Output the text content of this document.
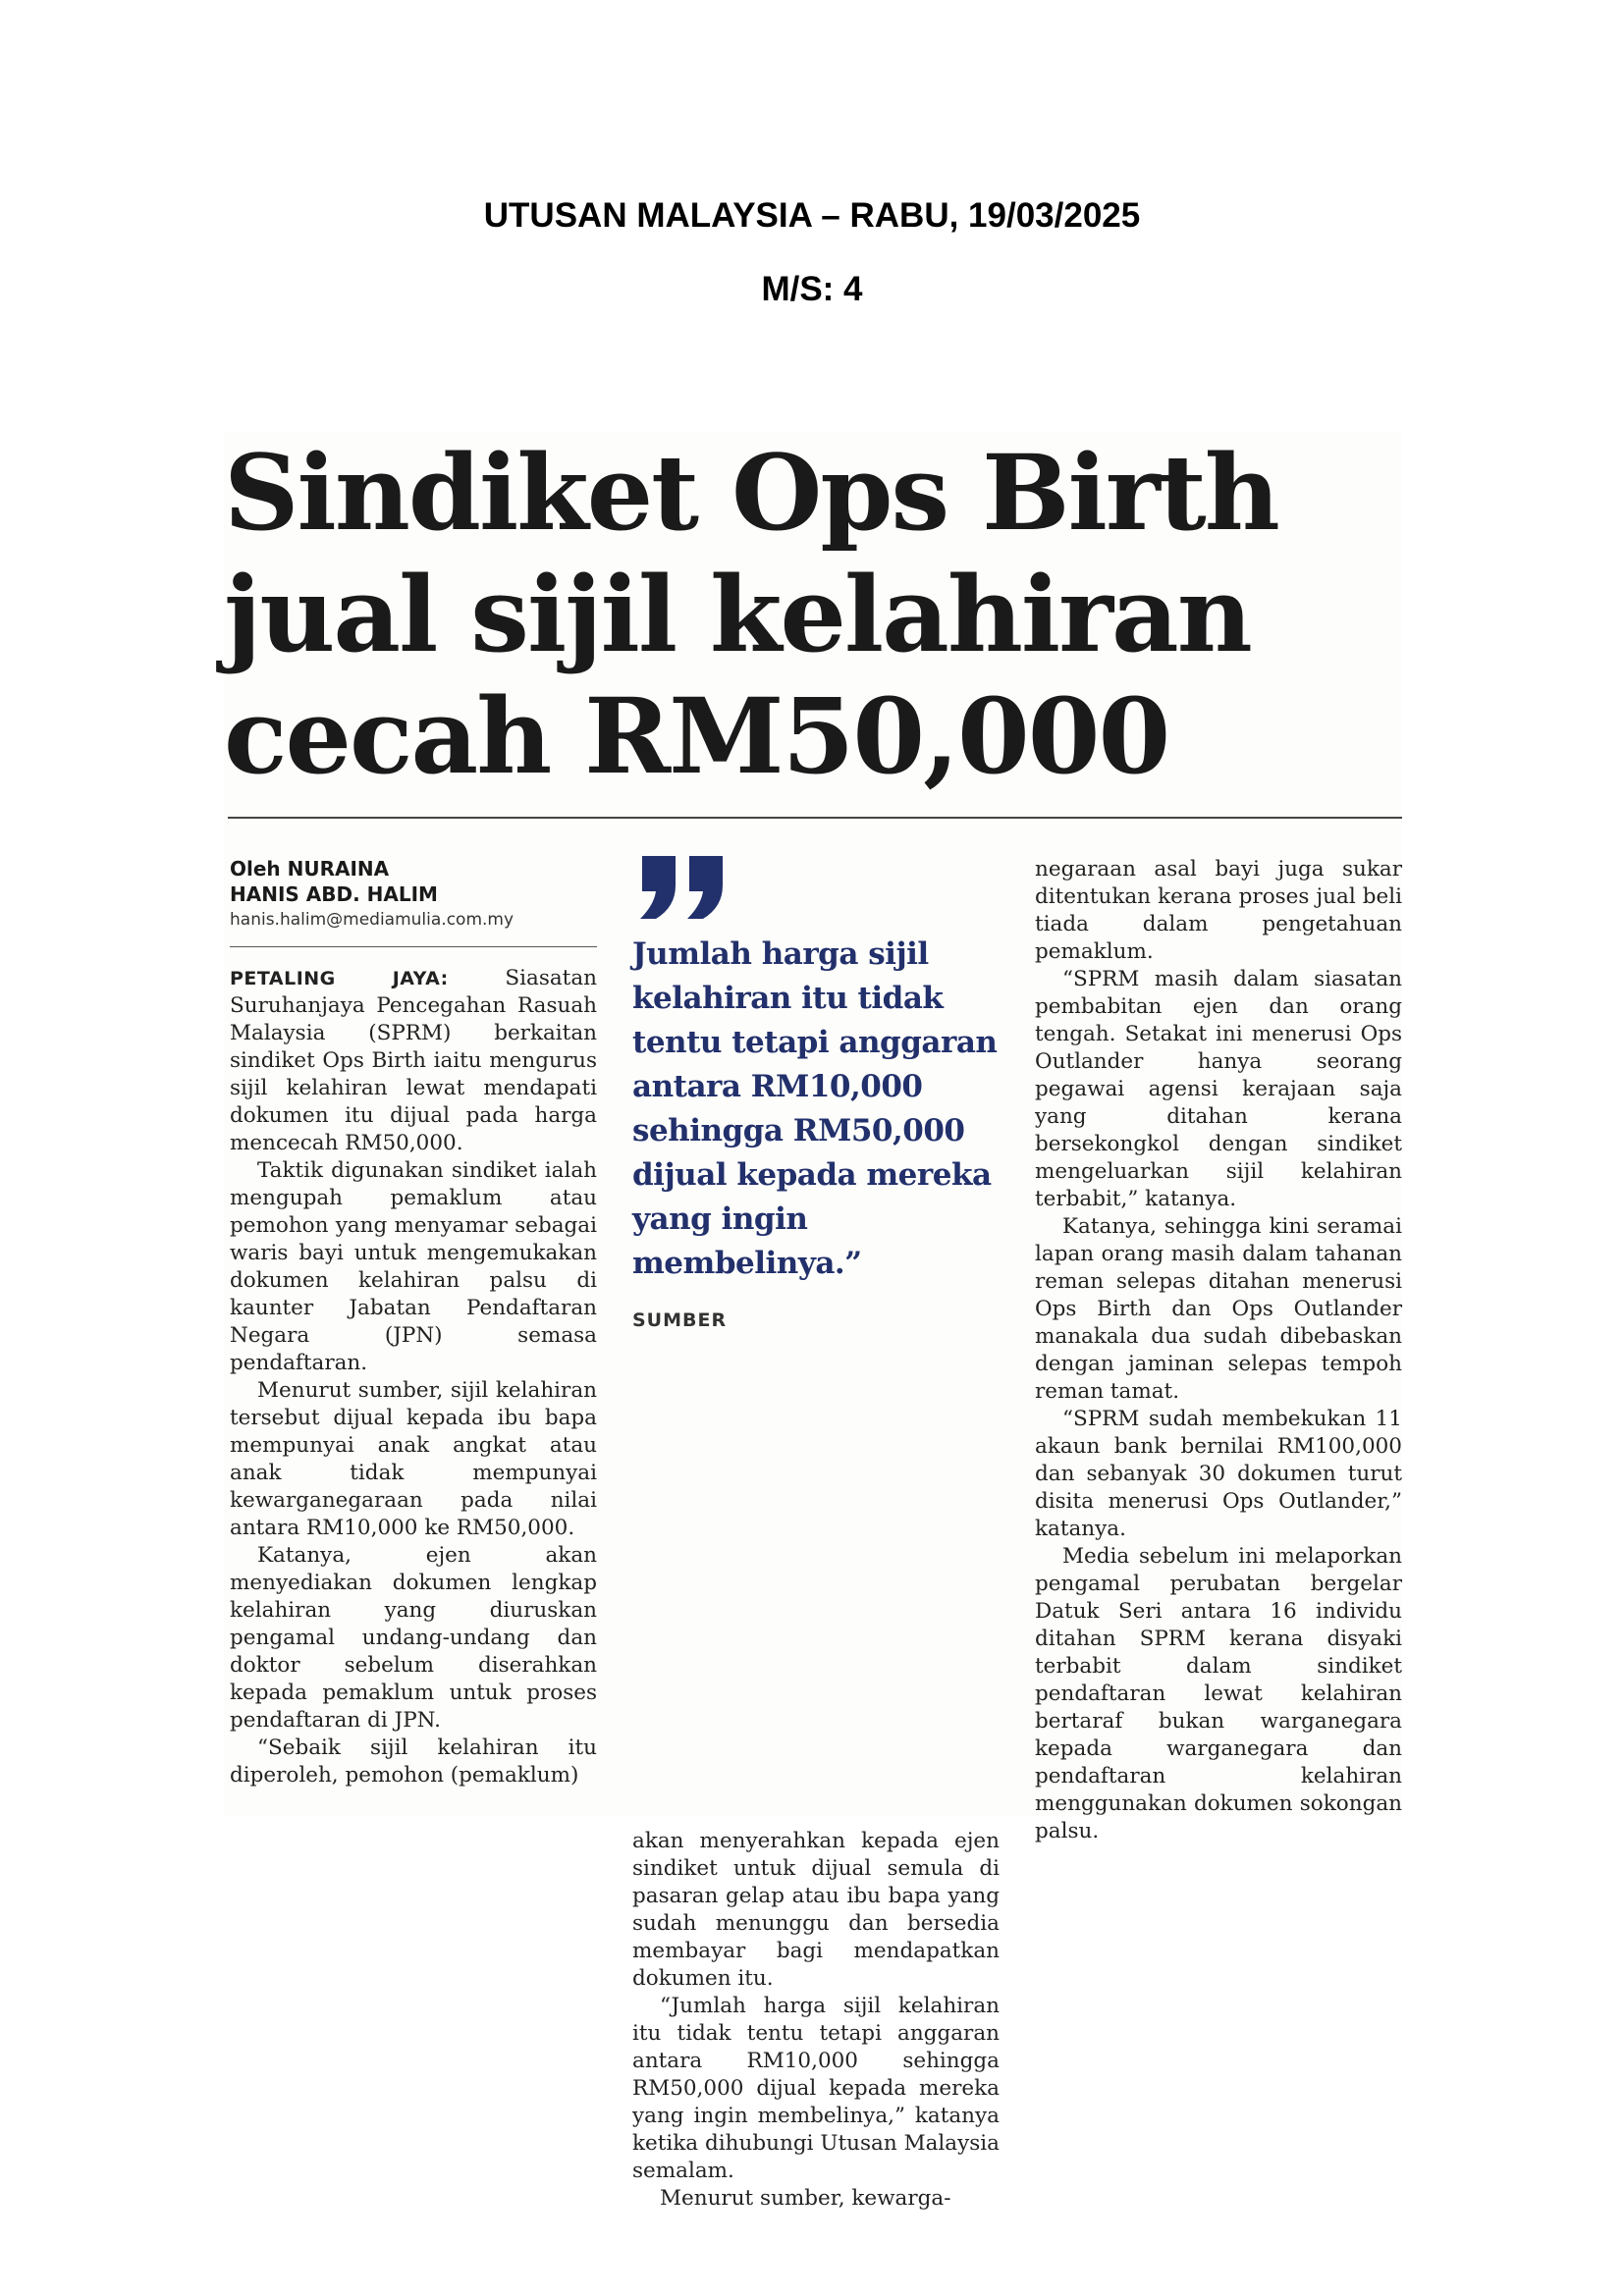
UTUSAN MALAYSIA – RABU, 19/03/2025
M/S: 4
Sindiket Ops Birth
jual sijil kelahiran
cecah RM50,000
Oleh NURAINA
HANIS ABD. HALIM
hanis.halim@mediamulia.com.my

PETALING JAYA:	Siasatan Suruhanjaya Pencegahan Rasuah Malaysia (SPRM) berkaitan sindiket Ops Birth iaitu mengurus sijil kelahiran lewat mendapati dokumen itu dijual pada harga mencecah RM50,000.

Taktik digunakan sindiket ialah mengupah pemaklum atau pemohon yang menyamar sebagai waris bayi untuk mengemukakan dokumen kelahiran palsu di kaunter Jabatan Pendaftaran Negara (JPN) semasa pendaftaran.

Menurut sumber, sijil kelahiran tersebut dijual kepada ibu bapa mempunyai anak angkat atau anak tidak mempunyai kewarganegaraan pada nilai antara RM10,000 ke RM50,000.

Katanya, ejen akan menyediakan dokumen lengkap kelahiran yang diuruskan pengamal undang-undang dan doktor sebelum diserahkan kepada pemaklum untuk proses pendaftaran di JPN.

“Sebaik sijil kelahiran itu diperoleh, pemohon (pemaklum)

Jumlah harga sijil kelahiran itu tidak tentu tetapi anggaran antara RM10,000 sehingga RM50,000 dijual kepada mereka yang ingin membelinya.”
SUMBER

akan menyerahkan kepada ejen sindiket untuk dijual semula di pasaran gelap atau ibu bapa yang sudah menunggu dan bersedia membayar bagi mendapatkan dokumen itu.

“Jumlah harga sijil kelahiran itu tidak tentu tetapi anggaran antara RM10,000 sehingga RM50,000 dijual kepada mereka yang ingin membelinya,” katanya ketika dihubungi Utusan Malaysia semalam.

Menurut sumber, kewarga-

negaraan asal bayi juga sukar ditentukan kerana proses jual beli tiada dalam pengetahuan pemaklum.

“SPRM masih dalam siasatan pembabitan ejen dan orang tengah. Setakat ini menerusi Ops Outlander hanya seorang pegawai agensi kerajaan saja yang ditahan kerana bersekongkol dengan sindiket mengeluarkan sijil kelahiran terbabit,” katanya.

Katanya, sehingga kini seramai lapan orang masih dalam tahanan reman selepas ditahan menerusi Ops Birth dan Ops Outlander manakala dua sudah dibebaskan dengan jaminan selepas tempoh reman tamat.

“SPRM sudah membekukan 11 akaun bank bernilai RM100,000 dan sebanyak 30 dokumen turut disita menerusi Ops Outlander,” katanya.

Media sebelum ini melaporkan pengamal perubatan bergelar Datuk Seri antara 16 individu ditahan SPRM kerana disyaki terbabit dalam sindiket pendaftaran lewat kelahiran bertaraf bukan warganegara kepada warganegara dan pendaftaran kelahiran menggunakan dokumen sokongan palsu.
